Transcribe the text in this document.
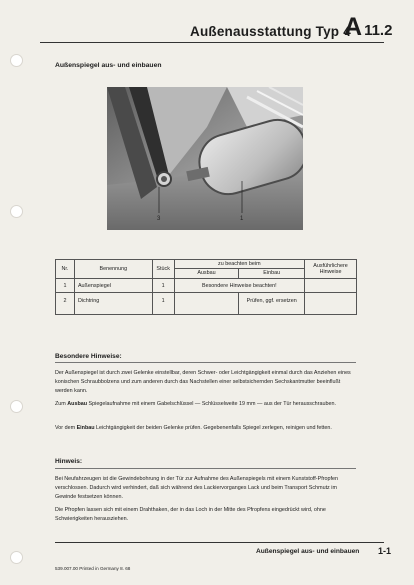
Außenausstattung Typ 4
A 11.2
Außenspiegel aus- und einbauen
3	1
Nr.	Benennung	Stück	zu beachten beim		Ausführlichere Hinweise
			Ausbau	Einbau	
1	Außenspiegel	1	Besondere Hinweise beachten!		
2	Dichtring	1		Prüfen, ggf. ersetzen	
Besondere Hinweise:
Der Außenspiegel ist durch zwei Gelenke einstellbar, deren Schwer- oder Leichtgängigkeit einmal durch das Anziehen eines konischen Schraubbolzens und zum anderen durch das Nachstellen einer selbstsichernden Sechskantmutter beeinflußt werden kann.
Zum Ausbau Spiegelaufnahme mit einem Gabelschlüssel — Schlüsselweite 19 mm — aus der Tür herausschrauben.
Vor dem Einbau Leichtgängigkeit der beiden Gelenke prüfen. Gegebenenfalls Spiegel zerlegen, reinigen und fetten.
Hinweis:
Bei Neufahrzeugen ist die Gewindebohrung in der Tür zur Aufnahme des Außenspiegels mit einem Kunststoff-Pfropfen verschlossen. Dadurch wird verhindert, daß sich während des Lackiervorganges Lack und beim Transport Schmutz im Gewinde festsetzen können.
Die Pfropfen lassen sich mit einem Drahthaken, der in das Loch in der Mitte des Pfropfens eingedrückt wird, ohne Schwierigkeiten herausziehen.
Außenspiegel aus- und einbauen 1-1
539.007.00 Printed in Germany 8. 68
